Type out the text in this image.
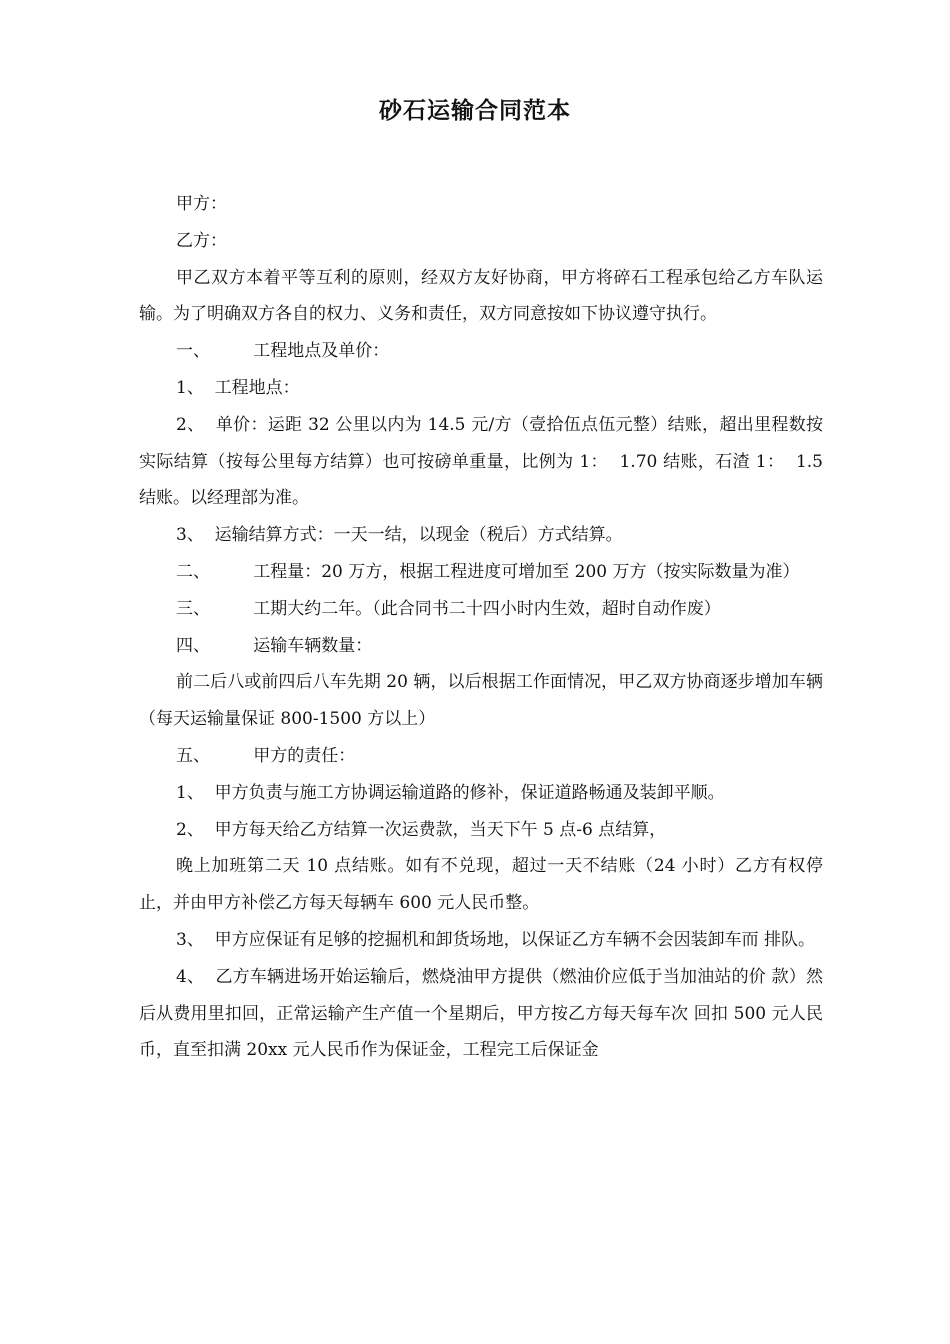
砂石运输合同范本

甲方：

乙方：

甲乙双方本着平等互利的原则，经双方友好协商，甲方将碎石工程承包给乙方车队运输。为了明确双方各自的权力、义务和责任，双方同意按如下协议遵守执行。

一、        工程地点及单价：

1、  工程地点：

2、  单价：运距 32 公里以内为 14.5 元/方（壹拾伍点伍元整）结账，超出里程数按实际结算（按每公里每方结算）也可按磅单重量，比例为 1：  1.70 结账，石渣 1：  1.5 结账。以经理部为准。

3、  运输结算方式：一天一结，以现金（税后）方式结算。

二、        工程量：20 万方，根据工程进度可增加至 200 万方（按实际数量为准）

三、        工期大约二年。（此合同书二十四小时内生效，超时自动作废）

四、        运输车辆数量：

前二后八或前四后八车先期 20 辆，以后根据工作面情况，甲乙双方协商逐步增加车辆（每天运输量保证 800-1500 方以上）

五、        甲方的责任：

1、  甲方负责与施工方协调运输道路的修补，保证道路畅通及装卸平顺。

2、  甲方每天给乙方结算一次运费款，当天下午 5 点-6 点结算，

晚上加班第二天 10 点结账。如有不兑现，超过一天不结账（24 小时）乙方有权停止，并由甲方补偿乙方每天每辆车 600 元人民币整。

3、  甲方应保证有足够的挖掘机和卸货场地，以保证乙方车辆不会因装卸车而 排队。

4、  乙方车辆进场开始运输后，燃烧油甲方提供（燃油价应低于当加油站的价 款）然后从费用里扣回，正常运输产生产值一个星期后，甲方按乙方每天每车次 回扣 500 元人民币，直至扣满 20xx 元人民币作为保证金，工程完工后保证金
